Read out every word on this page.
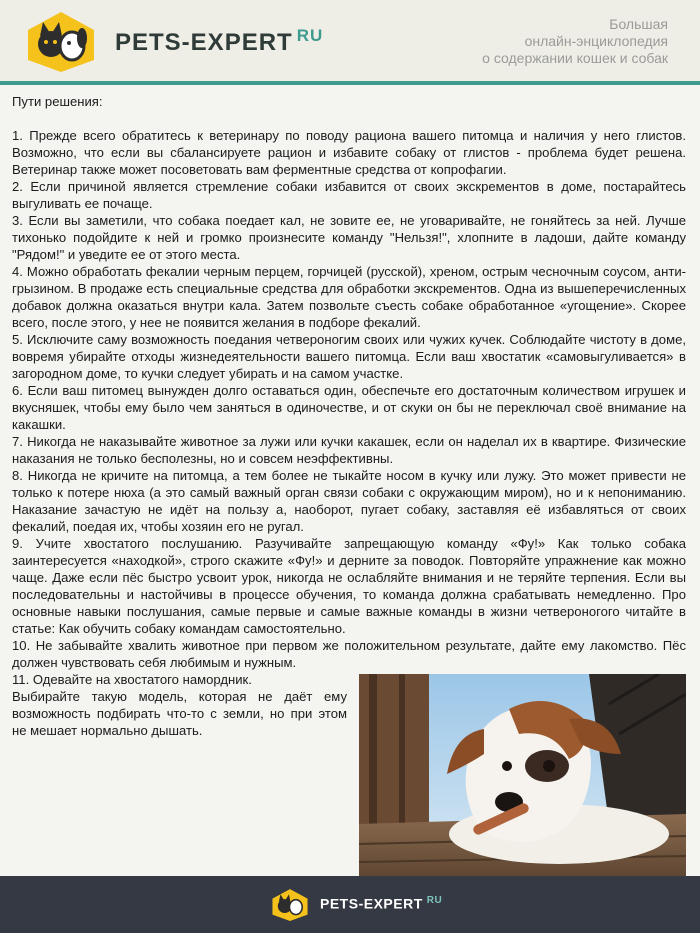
PETS-EXPERT $^{RU}$
Большая
онлайн-энциклопедия
о содержании кошек и собак

Пути решения:

1. Прежде всего обратитесь к ветеринару по поводу рациона вашего питомца и наличия у него глистов. Возможно, что если вы сбалансируете рацион и избавите собаку от глистов - проблема будет решена. Ветеринар также может посоветовать вам ферментные средства от копрофагии.

2. Если причиной является стремление собаки избавится от своих экскрементов в доме, постарайтесь выгуливать ее почаще.

3. Если вы заметили, что собака поедает кал, не зовите ее, не уговаривайте, не гоняйтесь за ней. Лучше тихонько подойдите к ней и громко произнесите команду "Нельзя!", хлопните в ладоши, дайте команду "Рядом!" и уведите ее от этого места.

4. Можно обработать фекалии черным перцем, горчицей (русской), хреном, острым чесночным соусом, анти-грызином. В продаже есть специальные средства для обработки экскрементов. Одна из вышеперечисленных добавок должна оказаться внутри кала. Затем позвольте съесть собаке обработанное «угощение». Скорее всего, после этого, у нее не появится желания в подборе фекалий.

5. Исключите саму возможность поедания четвероногим своих или чужих кучек. Соблюдайте чистоту в доме, вовремя убирайте отходы жизнедеятельности вашего питомца. Если ваш хвостатик «самовыгуливается» в загородном доме, то кучки следует убирать и на самом участке.

6. Если ваш питомец вынужден долго оставаться один, обеспечьте его достаточным количеством игрушек и вкусняшек, чтобы ему было чем заняться в одиночестве, и от скуки он бы не переключал своё внимание на какашки.

7. Никогда не наказывайте животное за лужи или кучки какашек, если он наделал их в квартире. Физические наказания не только бесполезны, но и совсем неэффективны.

8. Никогда не кричите на питомца, а тем более не тыкайте носом в кучку или лужу. Это может привести не только к потере нюха (а это самый важный орган связи собаки с окружающим миром), но и к непониманию. Наказание зачастую не идёт на пользу а, наоборот, пугает собаку, заставляя её избавляться от своих фекалий, поедая их, чтобы хозяин его не ругал.

9. Учите хвостатого послушанию. Разучивайте запрещающую команду «Фу!» Как только собака заинтересуется «находкой», строго скажите «Фу!» и дерните за поводок. Повторяйте упражнение как можно чаще. Даже если пёс быстро усвоит урок, никогда не ослабляйте внимания и не теряйте терпения. Если вы последовательны и настойчивы в процессе обучения, то команда должна срабатывать немедленно. Про основные навыки послушания, самые первые и самые важные команды в жизни четвероногого читайте в статье: Как обучить собаку командам самостоятельно.

10. Не забывайте хвалить животное при первом же положительном результате, дайте ему лакомство. Пёс должен чувствовать себя любимым и нужным.

11. Одевайте на хвостатого намордник.

Выбирайте такую модель, которая не даёт ему возможность подбирать что-то с земли, но при этом не мешает нормально дышать.

PETS-EXPERT $^{RU}$
